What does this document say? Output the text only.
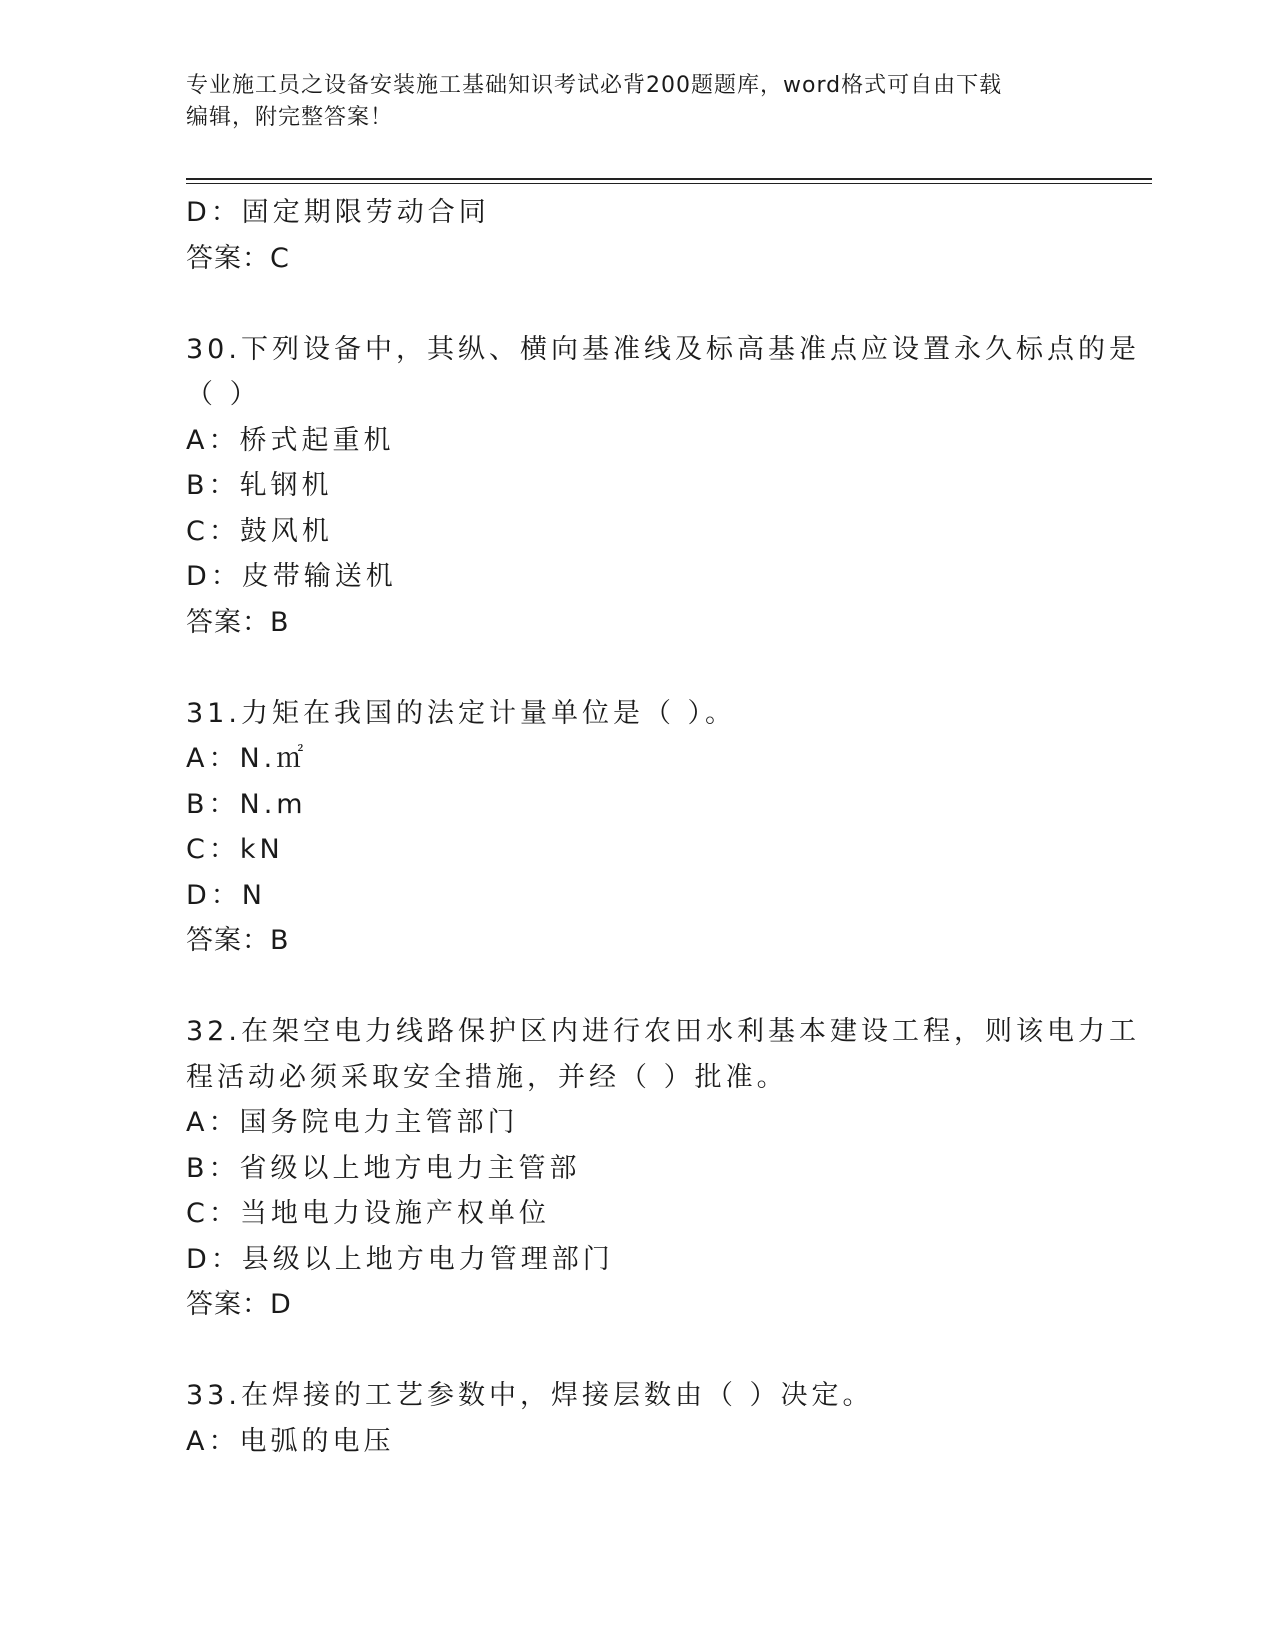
专业施工员之设备安装施工基础知识考试必背200题题库，word格式可自由下载
编辑，附完整答案！
D：固定期限劳动合同
答案：C
30.下列设备中，其纵、横向基准线及标高基准点应设置永久标点的是
（ ）
A：桥式起重机
B：轧钢机
C：鼓风机
D：皮带输送机
答案：B
31.力矩在我国的法定计量单位是（ ）。
A：N.㎡
B：N.m
C：kN
D：N
答案：B
32.在架空电力线路保护区内进行农田水利基本建设工程，则该电力工
程活动必须采取安全措施，并经（ ）批准。
A：国务院电力主管部门
B：省级以上地方电力主管部
C：当地电力设施产权单位
D：县级以上地方电力管理部门
答案：D
33.在焊接的工艺参数中，焊接层数由（ ）决定。
A：电弧的电压
